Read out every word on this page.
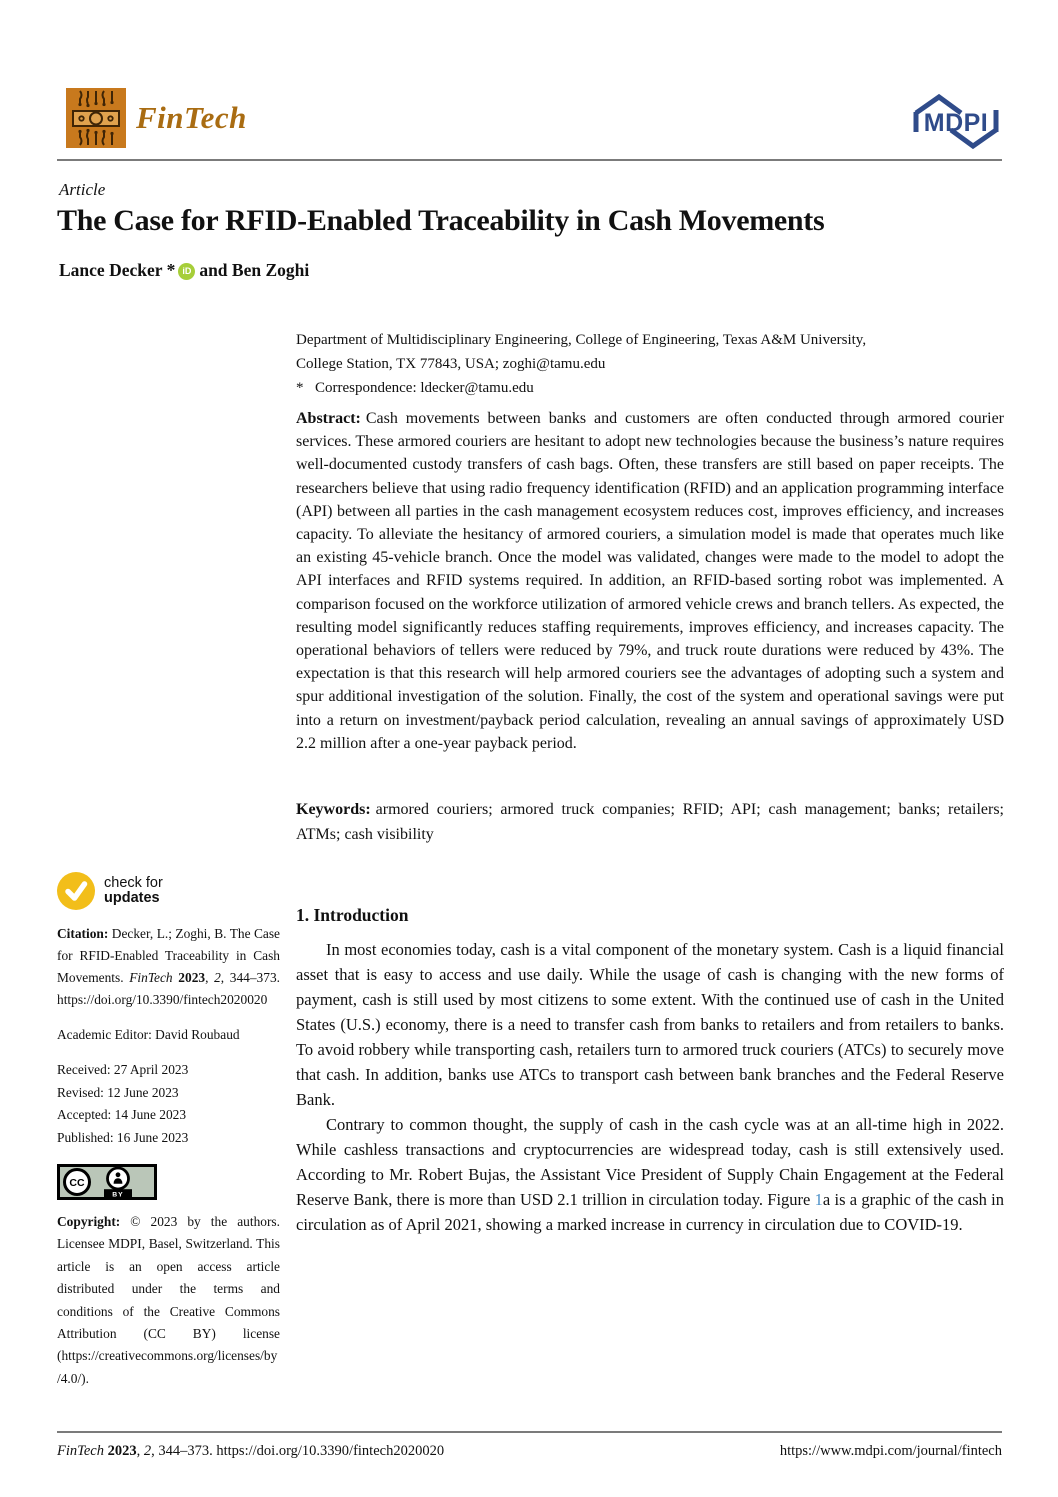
FinTech	MDPI
Article
The Case for RFID-Enabled Traceability in Cash Movements
Lance Decker * iD and Ben Zoghi
Department of Multidisciplinary Engineering, College of Engineering, Texas A&M University,
College Station, TX 77843, USA; zoghi@tamu.edu
* Correspondence: ldecker@tamu.edu
Abstract: Cash movements between banks and customers are often conducted through armored courier services. These armored couriers are hesitant to adopt new technologies because the business’s nature requires well-documented custody transfers of cash bags. Often, these transfers are still based on paper receipts. The researchers believe that using radio frequency identification (RFID) and an application programming interface (API) between all parties in the cash management ecosystem reduces cost, improves efficiency, and increases capacity. To alleviate the hesitancy of armored couriers, a simulation model is made that operates much like an existing 45-vehicle branch. Once the model was validated, changes were made to the model to adopt the API interfaces and RFID systems required. In addition, an RFID-based sorting robot was implemented. A comparison focused on the workforce utilization of armored vehicle crews and branch tellers. As expected, the resulting model significantly reduces staffing requirements, improves efficiency, and increases capacity. The operational behaviors of tellers were reduced by 79%, and truck route durations were reduced by 43%. The expectation is that this research will help armored couriers see the advantages of adopting such a system and spur additional investigation of the solution. Finally, the cost of the system and operational savings were put into a return on investment/payback period calculation, revealing an annual savings of approximately USD 2.2 million after a one-year payback period.
Keywords: armored couriers; armored truck companies; RFID; API; cash management; banks; retailers; ATMs; cash visibility
check for
updates

Citation: Decker, L.; Zoghi, B. The Case for RFID-Enabled Traceability in Cash Movements. FinTech 2023, 2, 344–373. https://doi.org/10.3390/fintech2020020

Academic Editor: David Roubaud
Received: 27 April 2023
Revised: 12 June 2023
Accepted: 14 June 2023
Published: 16 June 2023
CC
BY

Copyright: © 2023 by the authors. Licensee MDPI, Basel, Switzerland. This article is an open access article distributed under the terms and conditions of the Creative Commons Attribution (CC BY) license (https://creativecommons.org/licenses/by/4.0/).

1. Introduction

In most economies today, cash is a vital component of the monetary system. Cash is a liquid financial asset that is easy to access and use daily. While the usage of cash is changing with the new forms of payment, cash is still used by most citizens to some extent. With the continued use of cash in the United States (U.S.) economy, there is a need to transfer cash from banks to retailers and from retailers to banks. To avoid robbery while transporting cash, retailers turn to armored truck couriers (ATCs) to securely move that cash. In addition, banks use ATCs to transport cash between bank branches and the Federal Reserve Bank.

Contrary to common thought, the supply of cash in the cash cycle was at an all-time high in 2022. While cashless transactions and cryptocurrencies are widespread today, cash is still extensively used. According to Mr. Robert Bujas, the Assistant Vice President of Supply Chain Engagement at the Federal Reserve Bank, there is more than USD 2.1 trillion in circulation today. Figure 1a is a graphic of the cash in circulation as of April 2021, showing a marked increase in currency in circulation due to COVID-19.

FinTech 2023, 2, 344–373. https://doi.org/10.3390/fintech2020020	https://www.mdpi.com/journal/fintech
